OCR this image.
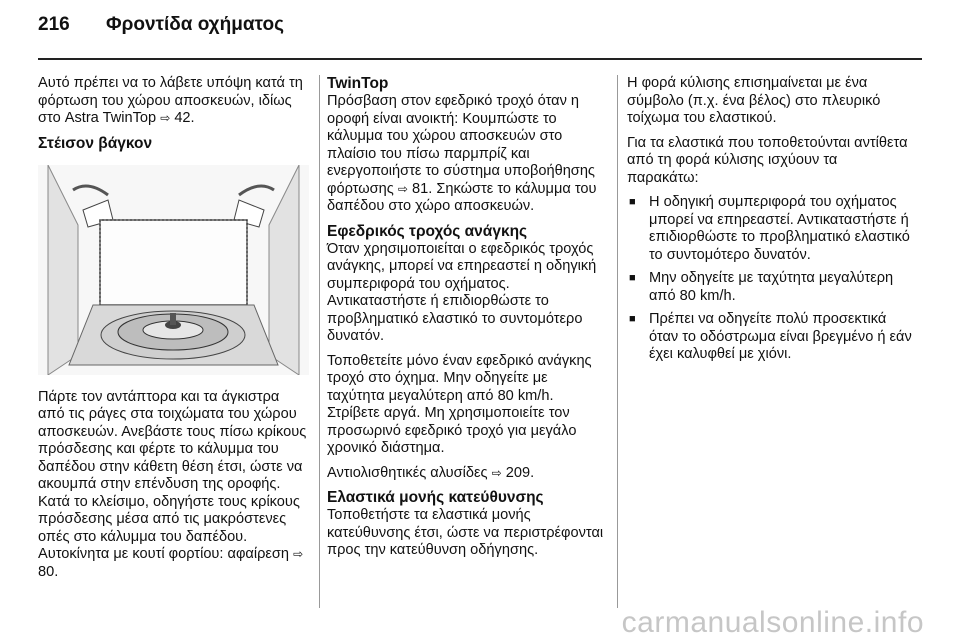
216 Φροντίδα οχήματος

Αυτό πρέπει να το λάβετε υπόψη κατά τη φόρτωση του χώρου αποσκευών, ιδίως στο Astra TwinTop ⇨ 42.

Στέισον βάγκον

Πάρτε τον αντάπτορα και τα άγκιστρα από τις ράγες στα τοιχώματα του χώρου αποσκευών. Ανεβάστε τους πίσω κρίκους πρόσδεσης και φέρτε το κάλυμμα του δαπέδου στην κάθετη θέση έτσι, ώστε να ακουμπά στην επένδυση της οροφής. Κατά το κλείσιμο, οδηγήστε τους κρίκους πρόσδεσης μέσα από τις μακρόστενες οπές στο κάλυμμα του δαπέδου. Αυτοκίνητα με κουτί φορτίου: αφαίρεση ⇨ 80.

TwinTop

Πρόσβαση στον εφεδρικό τροχό όταν η οροφή είναι ανοικτή: Κουμπώστε το κάλυμμα του χώρου αποσκευών στο πλαίσιο του πίσω παρμπρίζ και ενεργοποιήστε το σύστημα υποβοήθησης φόρτωσης ⇨ 81. Σηκώστε το κάλυμμα του δαπέδου στο χώρο αποσκευών.

Εφεδρικός τροχός ανάγκης

Όταν χρησιμοποιείται ο εφεδρικός τροχός ανάγκης, μπορεί να επηρεαστεί η οδηγική συμπεριφορά του οχήματος. Αντικαταστήστε ή επιδιορθώστε το προβληματικό ελαστικό το συντομότερο δυνατόν.

Τοποθετείτε μόνο έναν εφεδρικό ανάγκης τροχό στο όχημα. Μην οδηγείτε με ταχύτητα μεγαλύτερη από 80 km/h. Στρίβετε αργά. Μη χρησιμοποιείτε τον προσωρινό εφεδρικό τροχό για μεγάλο χρονικό διάστημα.

Αντιολισθητικές αλυσίδες ⇨ 209.

Ελαστικά μονής κατεύθυνσης

Τοποθετήστε τα ελαστικά μονής κατεύθυνσης έτσι, ώστε να περιστρέφονται προς την κατεύθυνση οδήγησης.

Η φορά κύλισης επισημαίνεται με ένα σύμβολο (π.χ. ένα βέλος) στο πλευρικό τοίχωμα του ελαστικού.

Για τα ελαστικά που τοποθετούνται αντίθετα από τη φορά κύλισης ισχύουν τα παρακάτω:

■ Η οδηγική συμπεριφορά του οχήματος μπορεί να επηρεαστεί. Αντικαταστήστε ή επιδιορθώστε το προβληματικό ελαστικό το συντομότερο δυνατόν.
■ Μην οδηγείτε με ταχύτητα μεγαλύτερη από 80 km/h.
■ Πρέπει να οδηγείτε πολύ προσεκτικά όταν το οδόστρωμα είναι βρεγμένο ή εάν έχει καλυφθεί με χιόνι.
carmanualsonline.info
